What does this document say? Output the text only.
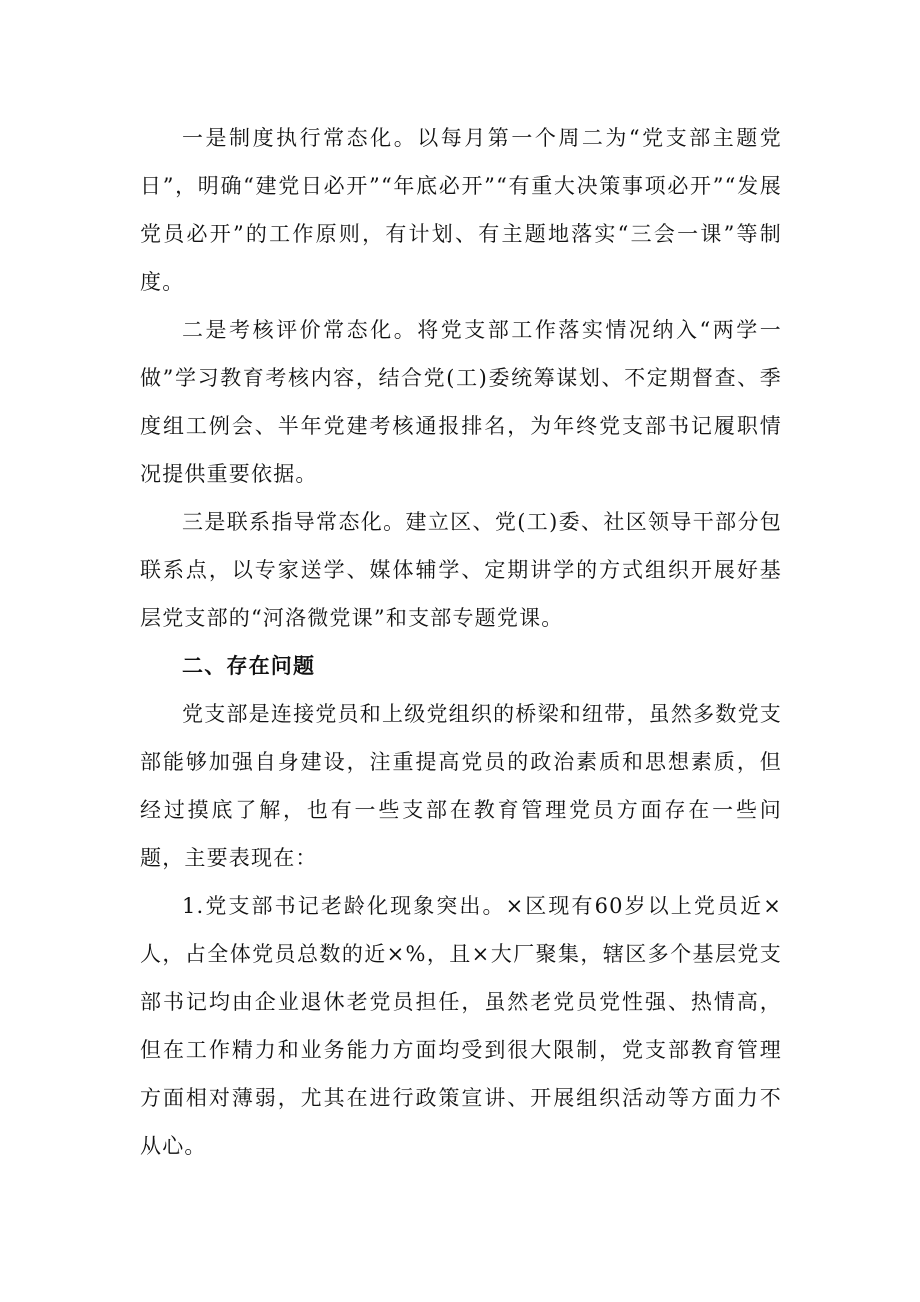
一是制度执行常态化。以每月第一个周二为“党支部主题党日”，明确“建党日必开”“年底必开”“有重大决策事项必开”“发展党员必开”的工作原则，有计划、有主题地落实“三会一课”等制度。

二是考核评价常态化。将党支部工作落实情况纳入“两学一做”学习教育考核内容，结合党(工)委统筹谋划、不定期督查、季度组工例会、半年党建考核通报排名，为年终党支部书记履职情况提供重要依据。

三是联系指导常态化。建立区、党(工)委、社区领导干部分包联系点，以专家送学、媒体辅学、定期讲学的方式组织开展好基层党支部的“河洛微党课”和支部专题党课。

二、存在问题

党支部是连接党员和上级党组织的桥梁和纽带，虽然多数党支部能够加强自身建设，注重提高党员的政治素质和思想素质，但经过摸底了解，也有一些支部在教育管理党员方面存在一些问题，主要表现在：

1.党支部书记老龄化现象突出。×区现有60岁以上党员近×人，占全体党员总数的近×%，且×大厂聚集，辖区多个基层党支部书记均由企业退休老党员担任，虽然老党员党性强、热情高，但在工作精力和业务能力方面均受到很大限制，党支部教育管理方面相对薄弱，尤其在进行政策宣讲、开展组织活动等方面力不从心。
